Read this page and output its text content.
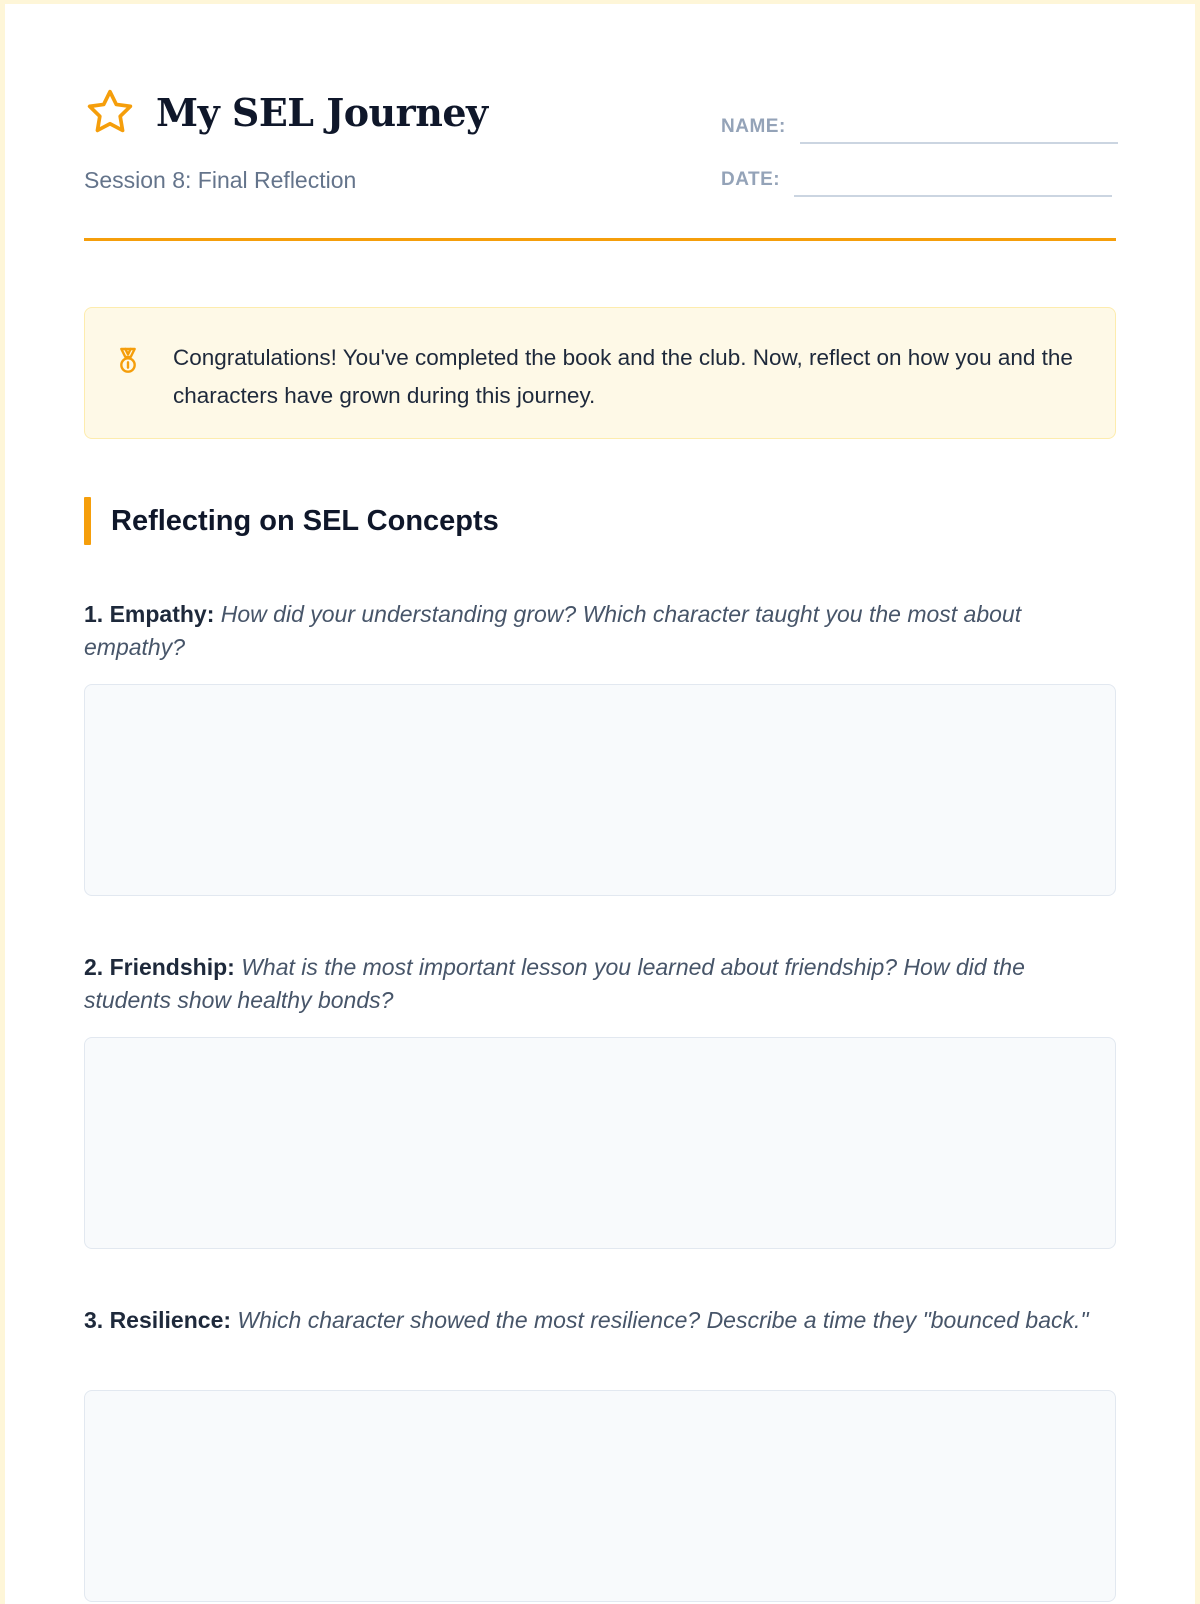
My SEL Journey
Session 8: Final Reflection
NAME:
DATE:
Congratulations! You've completed the book and the club. Now, reflect on how you and the characters have grown during this journey.
Reflecting on SEL Concepts
1. Empathy: How did your understanding grow? Which character taught you the most about empathy?
2. Friendship: What is the most important lesson you learned about friendship? How did the students show healthy bonds?
3. Resilience: Which character showed the most resilience? Describe a time they "bounced back."
